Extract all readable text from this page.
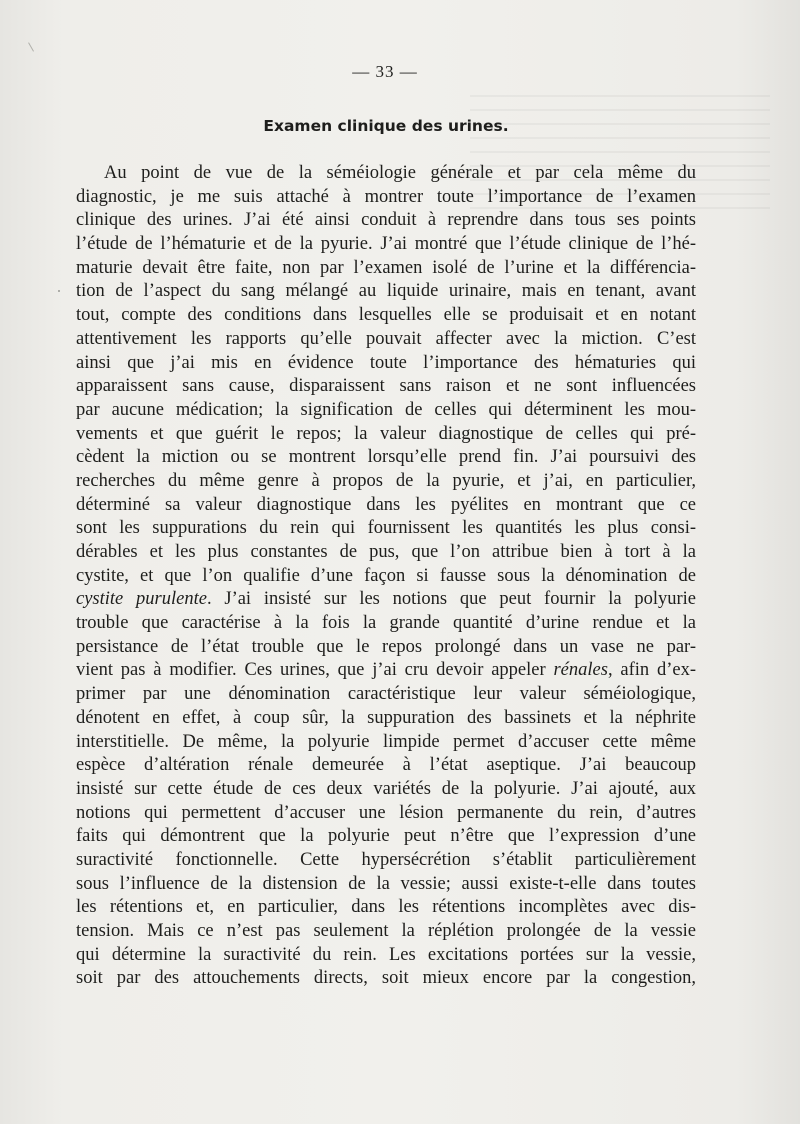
— 33 —
Examen clinique des urines.
Au point de vue de la séméiologie générale et par cela même du
diagnostic, je me suis attaché à montrer toute l’importance de l’examen
clinique des urines. J’ai été ainsi conduit à reprendre dans tous ses points
l’étude de l’hématurie et de la pyurie. J’ai montré que l’étude clinique de l’hé-
maturie devait être faite, non par l’examen isolé de l’urine et la différencia-
tion de l’aspect du sang mélangé au liquide urinaire, mais en tenant, avant
tout, compte des conditions dans lesquelles elle se produisait et en notant
attentivement les rapports qu’elle pouvait affecter avec la miction. C’est
ainsi que j’ai mis en évidence toute l’importance des hématuries qui
apparaissent sans cause, disparaissent sans raison et ne sont influencées
par aucune médication; la signification de celles qui déterminent les mou-
vements et que guérit le repos; la valeur diagnostique de celles qui pré-
cèdent la miction ou se montrent lorsqu’elle prend fin. J’ai poursuivi des
recherches du même genre à propos de la pyurie, et j’ai, en particulier,
déterminé sa valeur diagnostique dans les pyélites en montrant que ce
sont les suppurations du rein qui fournissent les quantités les plus consi-
dérables et les plus constantes de pus, que l’on attribue bien à tort à la
cystite, et que l’on qualifie d’une façon si fausse sous la dénomination de
cystite purulente. J’ai insisté sur les notions que peut fournir la polyurie
trouble que caractérise à la fois la grande quantité d’urine rendue et la
persistance de l’état trouble que le repos prolongé dans un vase ne par-
vient pas à modifier. Ces urines, que j’ai cru devoir appeler rénales, afin d’ex-
primer par une dénomination caractéristique leur valeur séméiologique,
dénotent en effet, à coup sûr, la suppuration des bassinets et la néphrite
interstitielle. De même, la polyurie limpide permet d’accuser cette même
espèce d’altération rénale demeurée à l’état aseptique. J’ai beaucoup
insisté sur cette étude de ces deux variétés de la polyurie. J’ai ajouté, aux
notions qui permettent d’accuser une lésion permanente du rein, d’autres
faits qui démontrent que la polyurie peut n’être que l’expression d’une
suractivité fonctionnelle. Cette hypersécrétion s’établit particulièrement
sous l’influence de la distension de la vessie; aussi existe-t-elle dans toutes
les rétentions et, en particulier, dans les rétentions incomplètes avec dis-
tension. Mais ce n’est pas seulement la réplétion prolongée de la vessie
qui détermine la suractivité du rein. Les excitations portées sur la vessie,
soit par des attouchements directs, soit mieux encore par la congestion,
